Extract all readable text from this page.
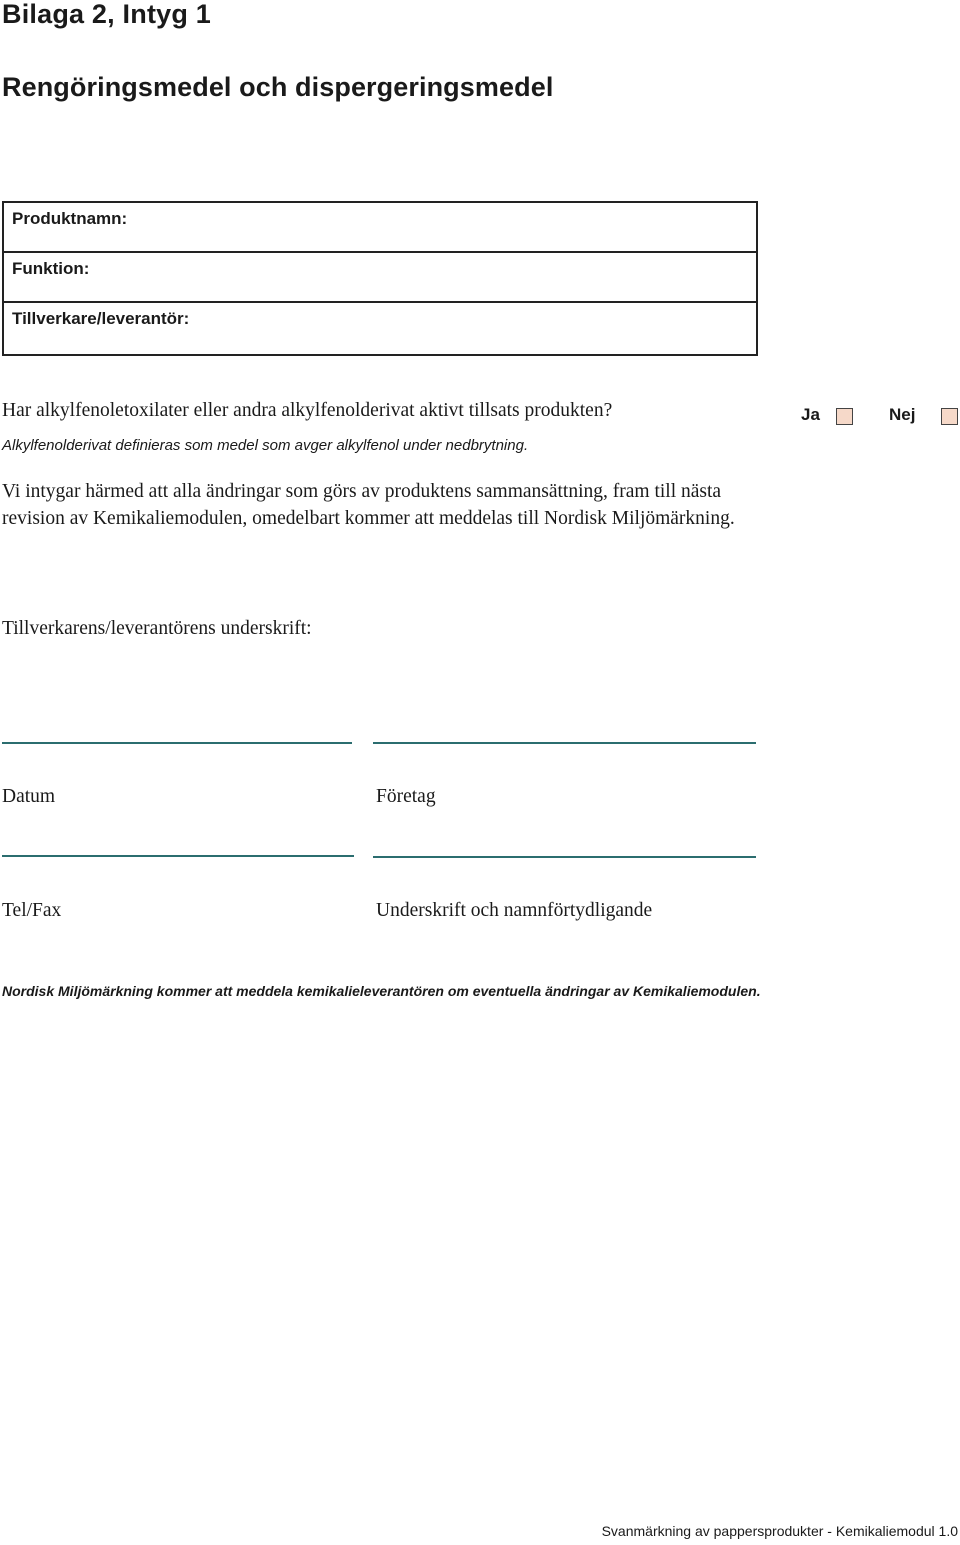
Bilaga 2, Intyg 1
Rengöringsmedel och dispergeringsmedel
Produktnamn:
Funktion:
Tillverkare/leverantör:
Har alkylfenoletoxilater eller andra alkylfenolderivat aktivt tillsats produkten?
Alkylfenolderivat definieras som medel som avger alkylfenol under nedbrytning.
Ja	Nej
Vi intygar härmed att alla ändringar som görs av produktens sammansättning, fram till nästa revision av Kemikaliemodulen, omedelbart kommer att meddelas till Nordisk Miljömärkning.
Tillverkarens/leverantörens underskrift:
Datum	Företag
Tel/Fax	Underskrift och namnförtydligande
Nordisk Miljömärkning kommer att meddela kemikalieleverantören om eventuella ändringar av Kemikaliemodulen.
Svanmärkning av pappersprodukter - Kemikaliemodul 1.0
